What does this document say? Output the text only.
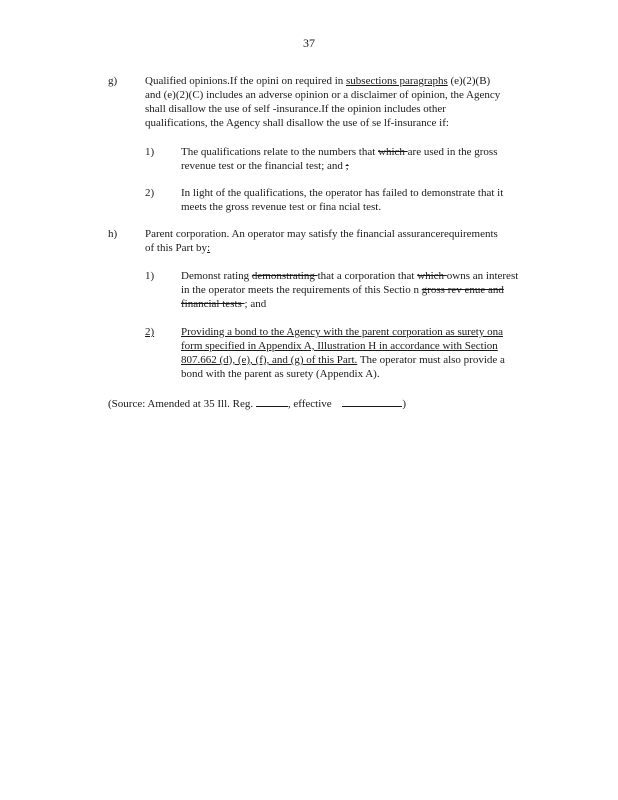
37
g)	Qualified opinions.If the opini on required in subsections paragraphs (e)(2)(B)
and (e)(2)(C) includes an adverse opinion or a disclaimer of opinion, the Agency
shall disallow the use of self -insurance.If the opinion includes other
qualifications, the Agency shall disallow the use of se lf-insurance if:
1) The qualifications relate to the numbers that which are used in the gross
revenue test or the financial test; and ;
2) In light of the qualifications, the operator has failed to demonstrate that it
meets the gross revenue test or fina ncial test.
h)	Parent corporation. An operator may satisfy the financial assurancerequirements
of this Part by:
1) Demonst rating demonstrating that a corporation that which owns an interest
in the operator meets the requirements of this Sectio n gross rev enue and
financial tests ; and
2) Providing a bond to the Agency with the parent corporation as surety ona
form specified in Appendix A, Illustration H in accordance with Section
807.662 (d), (e), (f), and (g) of this Part. The operator must also provide a
bond with the parent as surety (Appendix A).
(Source: Amended at 35 Ill. Reg.	, effective	)
